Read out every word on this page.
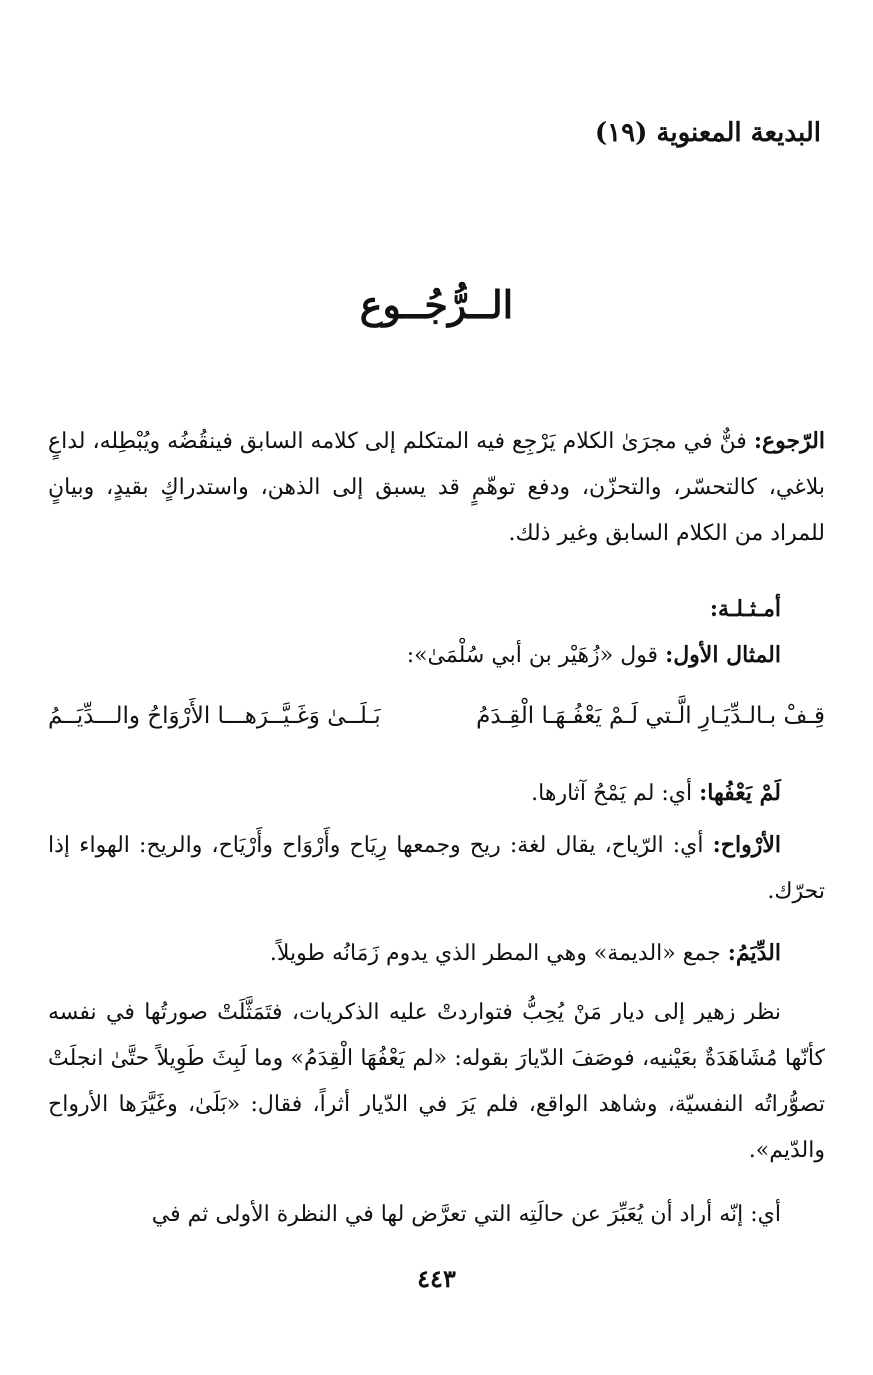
البديعة المعنوية (١٩)
الــرُّجُــوع
الرّجوع: فنٌّ في مجرَىٰ الكلام يَرْجِع فيه المتكلم إلى كلامه السابق فينقُضُه ويُبْطِله، لداعٍ بلاغي، كالتحسّر، والتحزّن، ودفع توهّمٍ قد يسبق إلى الذهن، واستدراكٍ بقيدٍ، وبيانٍ للمراد من الكلام السابق وغير ذلك.
أمـثـلـة:
المثال الأول: قول «زُهَيْر بن أبي سُلْمَىٰ»:
قِـفْ بـالـدِّيَـارِ الَّـتي لَـمْ يَعْفُـهَـا الْقِـدَمُ
بَـلَــىٰ وَغَـيَّــرَهـــا الأَرْوَاحُ والـــدِّيَــمُ
لَمْ يَعْفُها: أي: لم يَمْحُ آثارها.
الأرْواح: أي: الرّياح، يقال لغة: ريح وجمعها رِيَاح وأَرْوَاح وأَرْيَاح، والريح: الهواء إذا تحرّك.
الدِّيَمُ: جمع «الديمة» وهي المطر الذي يدوم زَمَانُه طويلاً.
نظر زهير إلى ديار مَنْ يُحِبُّ فتواردتْ عليه الذكريات، فتَمَثَّلَتْ صورتُها في نفسه كأنّها مُشَاهَدَةٌ بعَيْنيه، فوصَفَ الدّيارَ بقوله: «لم يَعْفُهَا الْقِدَمُ» وما لَبِثَ طَوِيلاً حتَّىٰ انجلَتْ تصوُّراتُه النفسيّة، وشاهد الواقع، فلم يَرَ في الدّيار أثراً، فقال: «بَلَىٰ، وغَيَّرَها الأرواح والدّيم».
أي: إنّه أراد أن يُعَبِّرَ عن حالَتِه التي تعرَّض لها في النظرة الأولى ثم في
٤٤٣
